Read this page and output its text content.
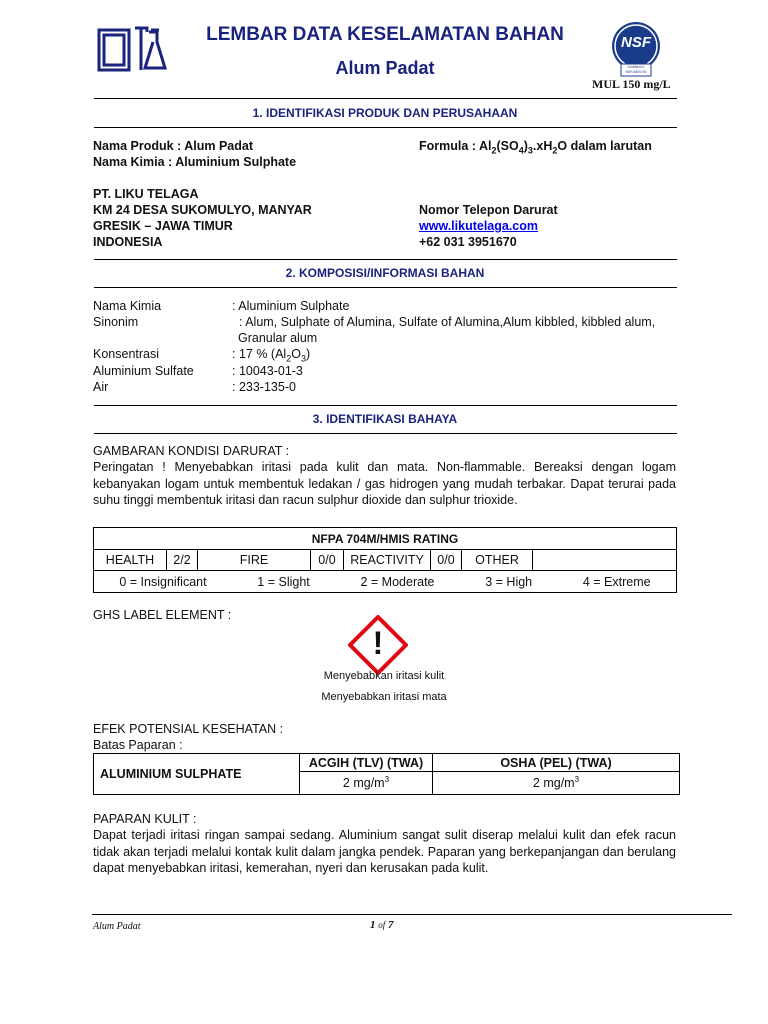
LEMBAR DATA KESELAMATAN BAHAN
Alum Padat
NSF
Certified to NSF/ANSI 60
MUL 150 mg/L
1. IDENTIFIKASI PRODUK DAN PERUSAHAAN
Nama Produk : Alum Padat
Nama Kimia : Aluminium Sulphate
Formula : $Al_2(SO_4)_3.xH_2O$ dalam larutan
PT. LIKU TELAGA
KM 24 DESA SUKOMULYO, MANYAR
GRESIK – JAWA TIMUR
INDONESIA
Nomor Telepon Darurat
www.likutelaga.com
+62 031 3951670
2. KOMPOSISI/INFORMASI BAHAN
Nama Kimia	: Aluminium Sulphate
Sinonim	: Alum, Sulphate of Alumina, Sulfate of Alumina,Alum kibbled, kibbled alum,
Granular alum
Konsentrasi	: 17 % $(Al_2O_3)$
Aluminium Sulfate	: 10043-01-3
Air	: 233-135-0
3. IDENTIFIKASI BAHAYA
GAMBARAN KONDISI DARURAT :
Peringatan ! Menyebabkan iritasi pada kulit dan mata. Non-flammable. Bereaksi dengan logam kebanyakan logam untuk membentuk ledakan / gas hidrogen yang mudah terbakar. Dapat terurai pada suhu tinggi membentuk iritasi dan racun sulphur dioxide dan sulphur trioxide.
NFPA 704M/HMIS RATING
HEALTH	2/2	FIRE	0/0	REACTIVITY	0/0	OTHER	

0 = Insignificant	1 = Slight	2 = Moderate	3 = High	4 = Extreme
GHS LABEL ELEMENT :
!
Menyebabkan iritasi kulit
Menyebabkan iritasi mata
EFEK POTENSIAL KESEHATAN :
Batas Paparan :
ALUMINIUM SULPHATE	ACGIH (TLV) (TWA)	OSHA (PEL) (TWA)
	2 $mg/m^3$	2 $mg/m^3$
PAPARAN KULIT :
Dapat terjadi iritasi ringan sampai sedang. Aluminium sangat sulit diserap melalui kulit dan efek racun tidak akan terjadi melalui kontak kulit dalam jangka pendek. Paparan yang berkepanjangan dan berulang dapat menyebabkan iritasi, kemerahan, nyeri dan kerusakan pada kulit.
Alum Padat	1 of 7
